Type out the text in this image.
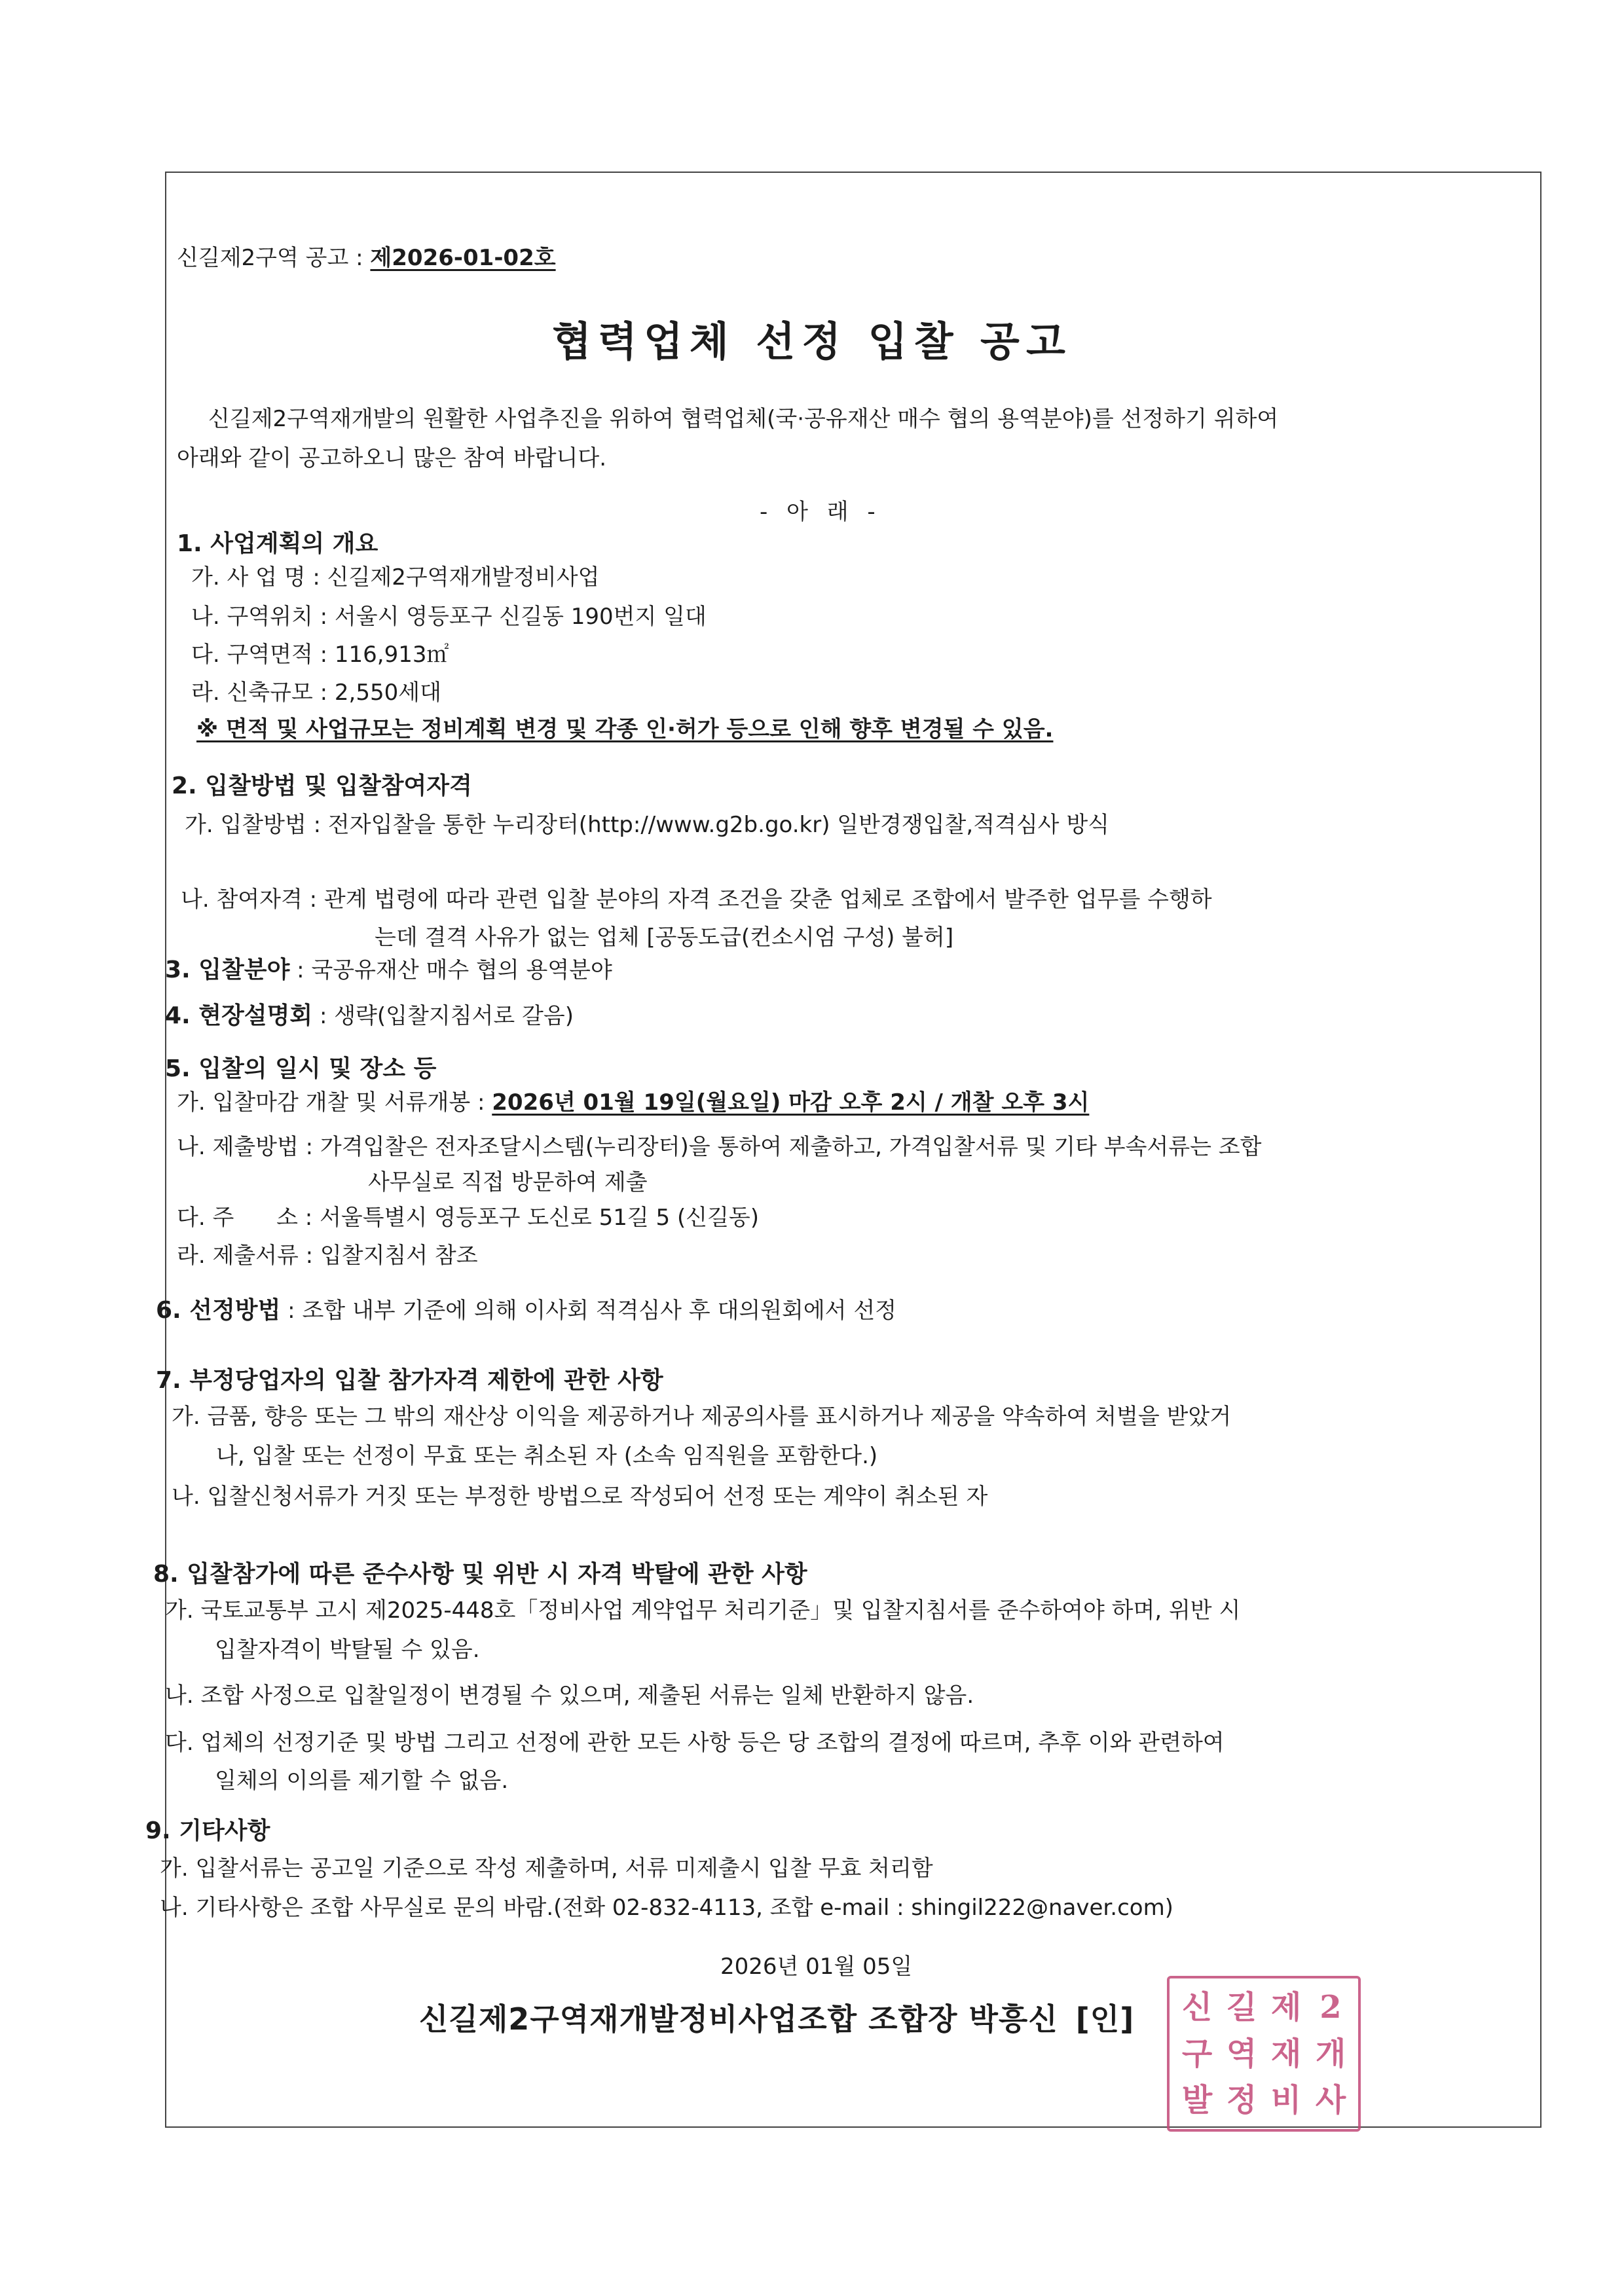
신길제2구역 공고 : 제2026-01-02호
협력업체 선정 입찰 공고
신길제2구역재개발의 원활한 사업추진을 위하여 협력업체(국·공유재산 매수 협의 용역분야)를 선정하기 위하여
아래와 같이 공고하오니 많은 참여 바랍니다.
- 아 래 -
1. 사업계획의 개요
가. 사 업 명 : 신길제2구역재개발정비사업
나. 구역위치 : 서울시 영등포구 신길동 190번지 일대
다. 구역면적 : 116,913㎡
라. 신축규모 : 2,550세대
※ 면적 및 사업규모는 정비계획 변경 및 각종 인·허가 등으로 인해 향후 변경될 수 있음.
2. 입찰방법 및 입찰참여자격
가. 입찰방법 : 전자입찰을 통한 누리장터(http://www.g2b.go.kr) 일반경쟁입찰,적격심사 방식
나. 참여자격 : 관계 법령에 따라 관련 입찰 분야의 자격 조건을 갖춘 업체로 조합에서 발주한 업무를 수행하
는데 결격 사유가 없는 업체 [공동도급(컨소시엄 구성) 불허]
3. 입찰분야 : 국공유재산 매수 협의 용역분야
4. 현장설명회 : 생략(입찰지침서로 갈음)
5. 입찰의 일시 및 장소 등
가. 입찰마감 개찰 및 서류개봉 : 2026년 01월 19일(월요일) 마감 오후 2시 / 개찰 오후 3시
나. 제출방법 : 가격입찰은 전자조달시스템(누리장터)을 통하여 제출하고, 가격입찰서류 및 기타 부속서류는 조합
사무실로 직접 방문하여 제출
다. 주      소 : 서울특별시 영등포구 도신로 51길 5 (신길동)
라. 제출서류 : 입찰지침서 참조
6. 선정방법 : 조합 내부 기준에 의해 이사회 적격심사 후 대의원회에서 선정
7. 부정당업자의 입찰 참가자격 제한에 관한 사항
가. 금품, 향응 또는 그 밖의 재산상 이익을 제공하거나 제공의사를 표시하거나 제공을 약속하여 처벌을 받았거
나, 입찰 또는 선정이 무효 또는 취소된 자 (소속 임직원을 포함한다.)
나. 입찰신청서류가 거짓 또는 부정한 방법으로 작성되어 선정 또는 계약이 취소된 자
8. 입찰참가에 따른 준수사항 및 위반 시 자격 박탈에 관한 사항
가. 국토교통부 고시 제2025-448호「정비사업 계약업무 처리기준」및 입찰지침서를 준수하여야 하며, 위반 시
입찰자격이 박탈될 수 있음.
나. 조합 사정으로 입찰일정이 변경될 수 있으며, 제출된 서류는 일체 반환하지 않음.
다. 업체의 선정기준 및 방법 그리고 선정에 관한 모든 사항 등은 당 조합의 결정에 따르며, 추후 이와 관련하여
일체의 이의를 제기할 수 없음.
9. 기타사항
가. 입찰서류는 공고일 기준으로 작성 제출하며, 서류 미제출시 입찰 무효 처리함
나. 기타사항은 조합 사무실로 문의 바람.(전화 02-832-4113, 조합 e-mail : shingil222@naver.com)
2026년 01월 05일
신 길 제 2
구 역 재 개
발 정 비 사
신길제2구역재개발정비사업조합 조합장 박흥신 [인]
